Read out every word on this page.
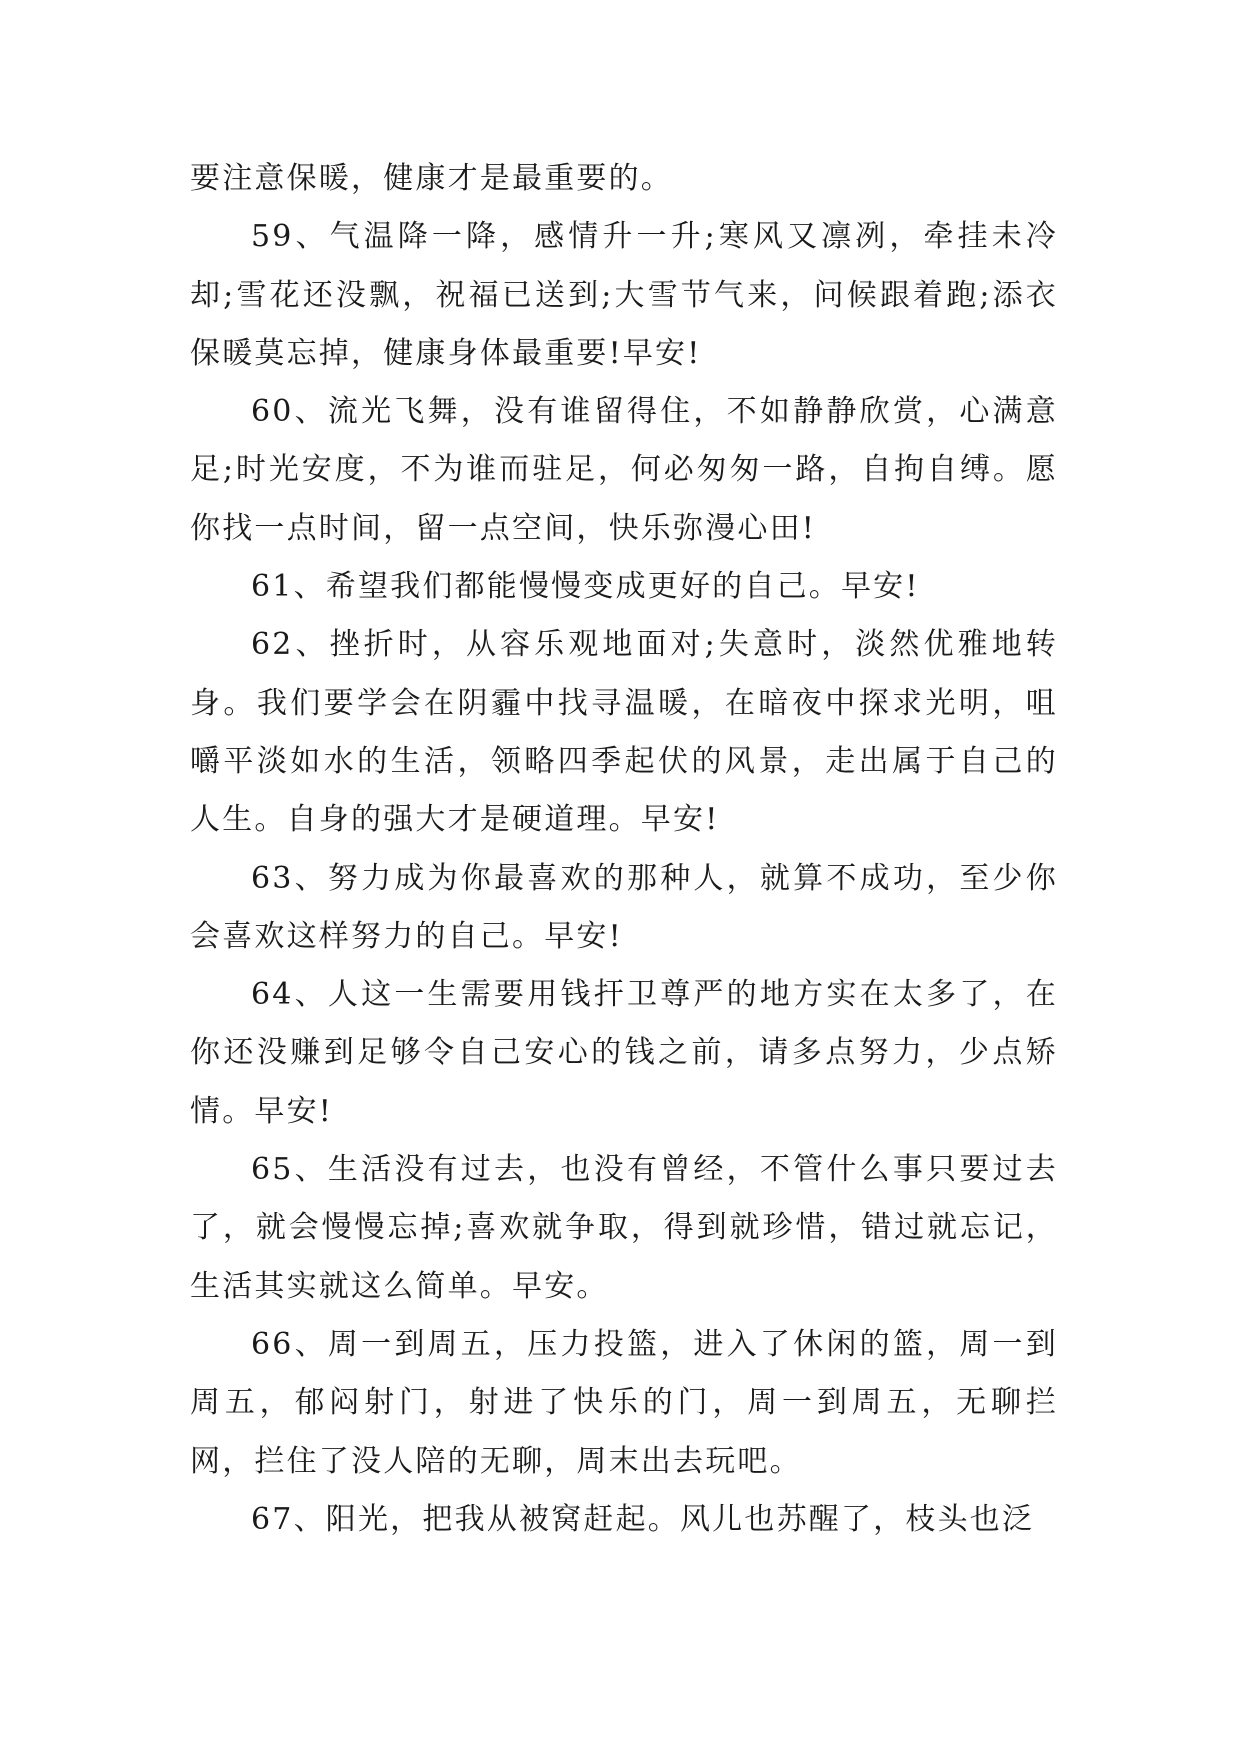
要注意保暖，健康才是最重要的。

59、气温降一降，感情升一升;寒风又凛冽，牵挂未冷却;雪花还没飘，祝福已送到;大雪节气来，问候跟着跑;添衣保暖莫忘掉，健康身体最重要!早安!

60、流光飞舞，没有谁留得住，不如静静欣赏，心满意足;时光安度，不为谁而驻足，何必匆匆一路，自拘自缚。愿你找一点时间，留一点空间，快乐弥漫心田!

61、希望我们都能慢慢变成更好的自己。早安!

62、挫折时，从容乐观地面对;失意时，淡然优雅地转身。我们要学会在阴霾中找寻温暖，在暗夜中探求光明，咀嚼平淡如水的生活，领略四季起伏的风景，走出属于自己的人生。自身的强大才是硬道理。早安!

63、努力成为你最喜欢的那种人，就算不成功，至少你会喜欢这样努力的自己。早安!

64、人这一生需要用钱扞卫尊严的地方实在太多了，在你还没赚到足够令自己安心的钱之前，请多点努力，少点矫情。早安!

65、生活没有过去，也没有曾经，不管什么事只要过去了，就会慢慢忘掉;喜欢就争取，得到就珍惜，错过就忘记，生活其实就这么简单。早安。

66、周一到周五，压力投篮，进入了休闲的篮，周一到周五，郁闷射门，射进了快乐的门，周一到周五，无聊拦网，拦住了没人陪的无聊，周末出去玩吧。

67、阳光，把我从被窝赶起。风儿也苏醒了，枝头也泛
